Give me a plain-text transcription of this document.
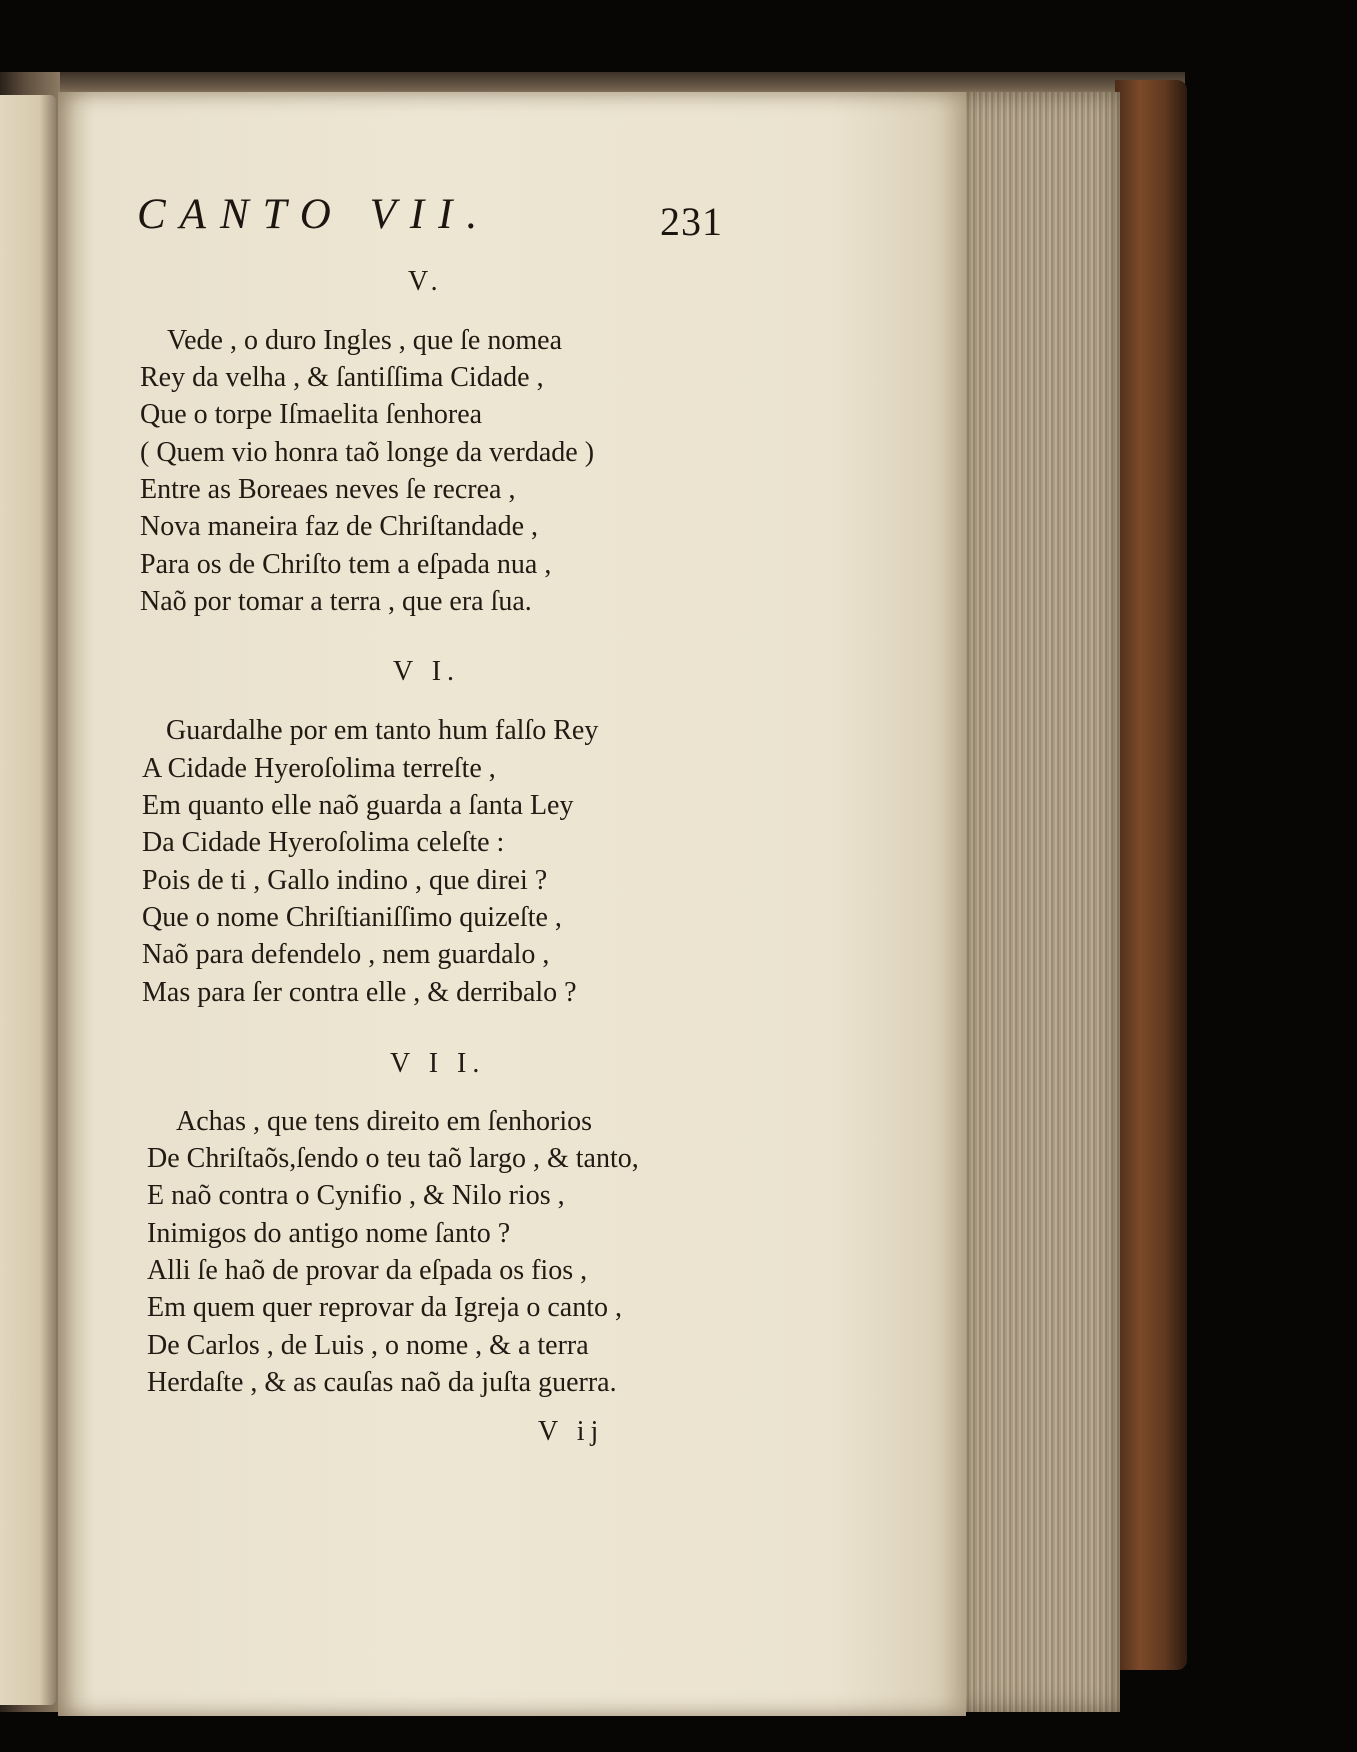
CANTO VII.	231
V.
Vede , o duro Ingles , que ſe nomea
Rey da velha , & ſantiſſima Cidade ,
Que o torpe Iſmaelita ſenhorea
( Quem vio honra taõ longe da verdade )
Entre as Boreaes neves ſe recrea ,
Nova maneira faz de Chriſtandade ,
Para os de Chriſto tem a eſpada nua ,
Naõ por tomar a terra , que era ſua.
V I.
Guardalhe por em tanto hum falſo Rey
A Cidade Hyeroſolima terreſte ,
Em quanto elle naõ guarda a ſanta Ley
Da Cidade Hyeroſolima celeſte :
Pois de ti , Gallo indino , que direi ?
Que o nome Chriſtianiſſimo quizeſte ,
Naõ para defendelo , nem guardalo ,
Mas para ſer contra elle , & derribalo ?
V I I.
Achas , que tens direito em ſenhorios
De Chriſtaõs,ſendo o teu taõ largo , & tanto,
E naõ contra o Cynifio , & Nilo rios ,
Inimigos do antigo nome ſanto ?
Alli ſe haõ de provar da eſpada os fios ,
Em quem quer reprovar da Igreja o canto ,
De Carlos , de Luis , o nome , & a terra
Herdaſte , & as cauſas naõ da juſta guerra.
V ij
